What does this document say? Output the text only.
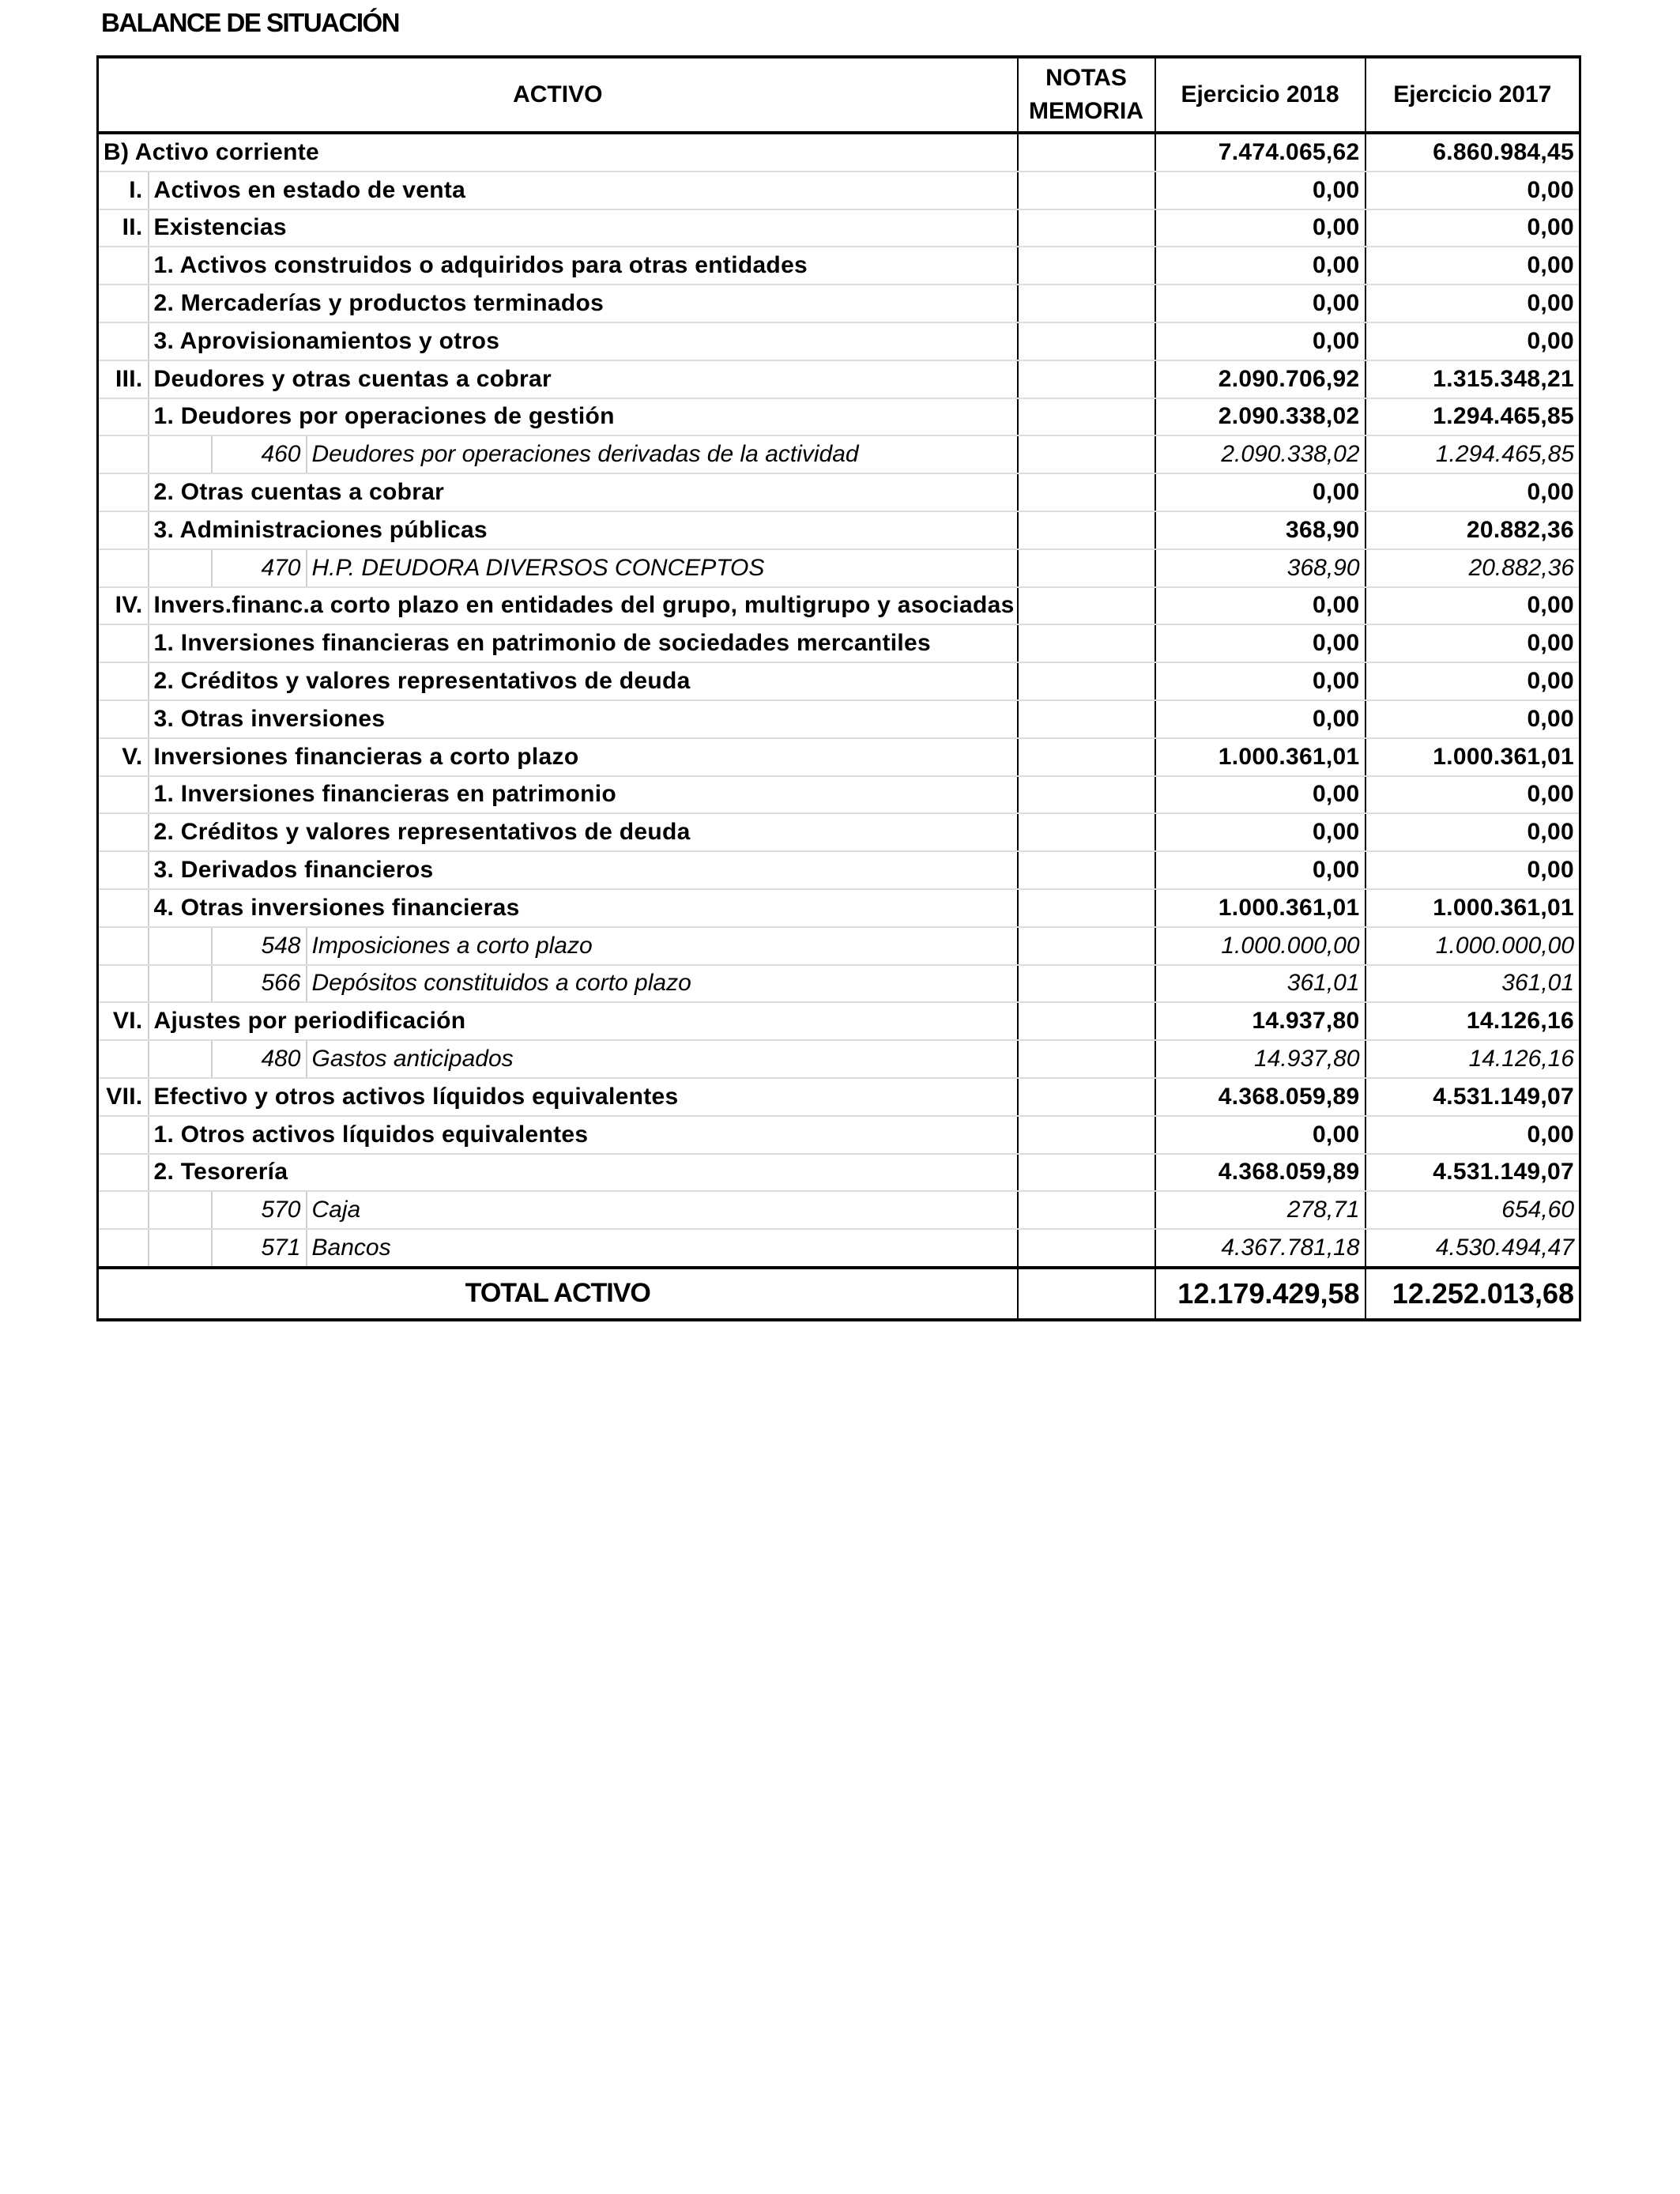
BALANCE DE SITUACIÓN
ACTIVO				NOTAS MEMORIA	Ejercicio 2018	Ejercicio 2017
B) Activo corriente					7.474.065,62	6.860.984,45
I.	Activos en estado de venta				0,00	0,00
II.	Existencias				0,00	0,00
	1. Activos construidos o adquiridos para otras entidades				0,00	0,00
	2. Mercaderías y productos terminados				0,00	0,00
	3. Aprovisionamientos y otros				0,00	0,00
III.	Deudores y otras cuentas a cobrar				2.090.706,92	1.315.348,21
	1. Deudores por operaciones de gestión				2.090.338,02	1.294.465,85
		460	Deudores por operaciones derivadas de la actividad		2.090.338,02	1.294.465,85
	2. Otras cuentas a cobrar				0,00	0,00
	3. Administraciones públicas				368,90	20.882,36
		470	H.P. DEUDORA DIVERSOS CONCEPTOS		368,90	20.882,36
IV.	Invers.financ.a corto plazo en entidades del grupo, multigrupo y asociadas				0,00	0,00
	1. Inversiones financieras en patrimonio de sociedades mercantiles				0,00	0,00
	2. Créditos y valores representativos de deuda				0,00	0,00
	3. Otras inversiones				0,00	0,00
V.	Inversiones financieras a corto plazo				1.000.361,01	1.000.361,01
	1. Inversiones financieras en patrimonio				0,00	0,00
	2. Créditos y valores representativos de deuda				0,00	0,00
	3. Derivados financieros				0,00	0,00
	4. Otras inversiones financieras				1.000.361,01	1.000.361,01
		548	Imposiciones a corto plazo		1.000.000,00	1.000.000,00
		566	Depósitos constituidos a corto plazo		361,01	361,01
VI.	Ajustes por periodificación				14.937,80	14.126,16
		480	Gastos anticipados		14.937,80	14.126,16
VII.	Efectivo y otros activos líquidos equivalentes				4.368.059,89	4.531.149,07
	1. Otros activos líquidos equivalentes				0,00	0,00
	2. Tesorería				4.368.059,89	4.531.149,07
		570	Caja		278,71	654,60
		571	Bancos		4.367.781,18	4.530.494,47
TOTAL ACTIVO					12.179.429,58	12.252.013,68
